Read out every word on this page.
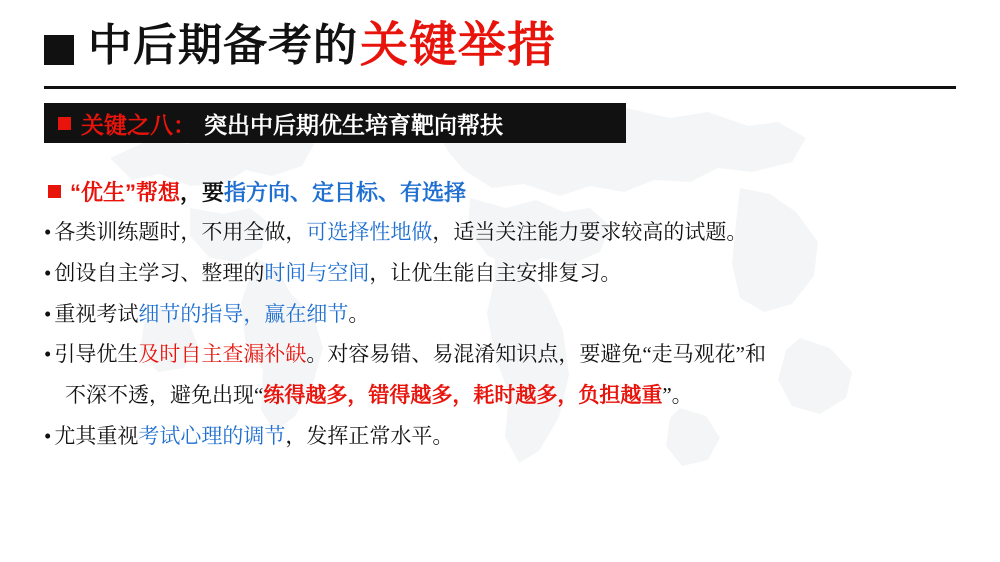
中后期备考的 关键举措
关键之八： 突出中后期优生培育靶向帮扶
“优生”帮想，要指方向、定目标、有选择
• 各类训练题时，不用全做，可选择性地做，适当关注能力要求较高的试题。
• 创设自主学习、整理的时间与空间，让优生能自主安排复习。
• 重视考试细节的指导，赢在细节。
• 引导优生及时自主查漏补缺。对容易错、易混淆知识点，要避免“走马观花”和
不深不透，避免出现“练得越多，错得越多，耗时越多，负担越重”。
• 尤其重视考试心理的调节，发挥正常水平。
